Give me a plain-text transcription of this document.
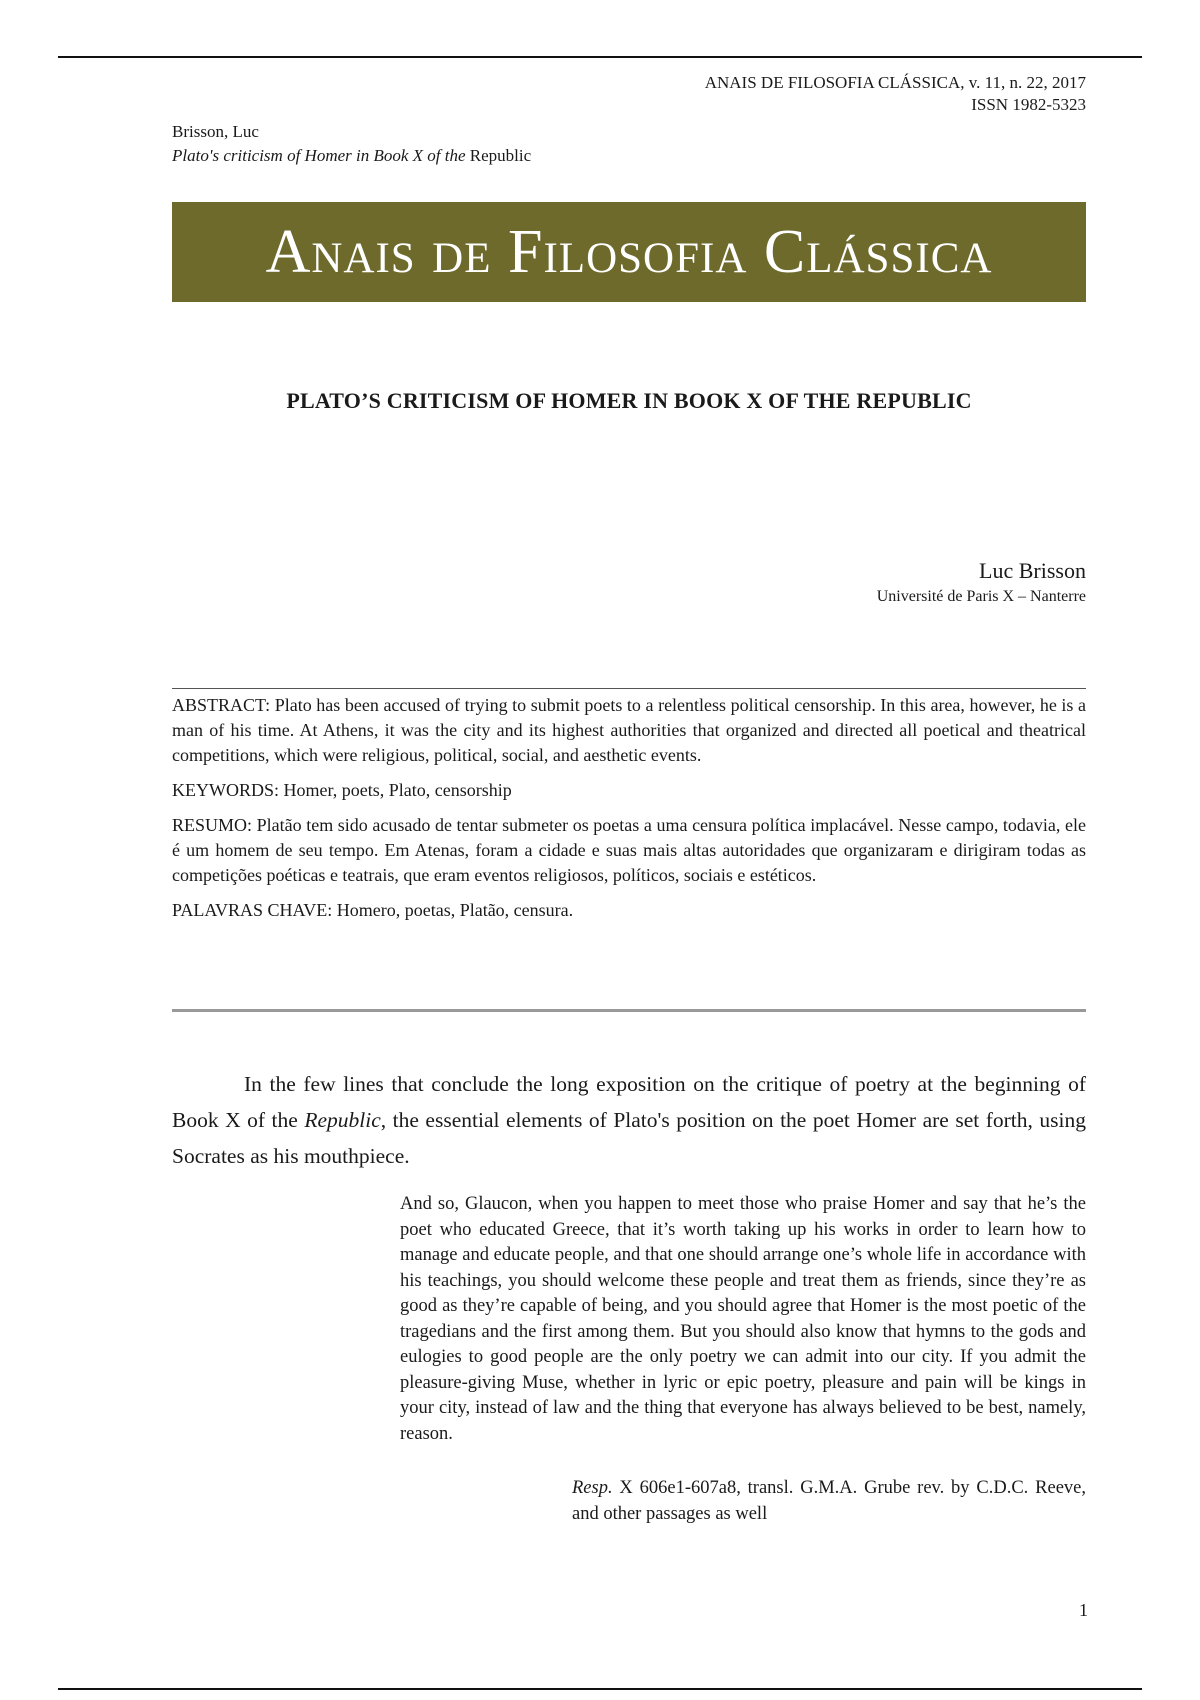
ANAIS DE FILOSOFIA CLÁSSICA, v. 11, n. 22, 2017
ISSN 1982-5323
Brisson, Luc
Plato's criticism of Homer in Book X of the Republic
Anais de Filosofia Clássica
PLATO’S CRITICISM OF HOMER IN BOOK X OF THE REPUBLIC
Luc Brisson
Université de Paris X – Nanterre

ABSTRACT: Plato has been accused of trying to submit poets to a relentless political censorship. In this area, however, he is a man of his time. At Athens, it was the city and its highest authorities that organized and directed all poetical and theatrical competitions, which were religious, political, social, and aesthetic events.

KEYWORDS: Homer, poets, Plato, censorship

RESUMO: Platão tem sido acusado de tentar submeter os poetas a uma censura política implacável. Nesse campo, todavia, ele é um homem de seu tempo. Em Atenas, foram a cidade e suas mais altas autoridades que organizaram e dirigiram todas as competições poéticas e teatrais, que eram eventos religiosos, políticos, sociais e estéticos.

PALAVRAS CHAVE: Homero, poetas, Platão, censura.

In the few lines that conclude the long exposition on the critique of poetry at the beginning of Book X of the Republic, the essential elements of Plato's position on the poet Homer are set forth, using Socrates as his mouthpiece.

And so, Glaucon, when you happen to meet those who praise Homer and say that he’s the poet who educated Greece, that it’s worth taking up his works in order to learn how to manage and educate people, and that one should arrange one’s whole life in accordance with his teachings, you should welcome these people and treat them as friends, since they’re as good as they’re capable of being, and you should agree that Homer is the most poetic of the tragedians and the first among them. But you should also know that hymns to the gods and eulogies to good people are the only poetry we can admit into our city. If you admit the pleasure-giving Muse, whether in lyric or epic poetry, pleasure and pain will be kings in your city, instead of law and the thing that everyone has always believed to be best, namely, reason.

Resp. X 606e1-607a8, transl. G.M.A. Grube rev. by C.D.C. Reeve, and other passages as well

1
